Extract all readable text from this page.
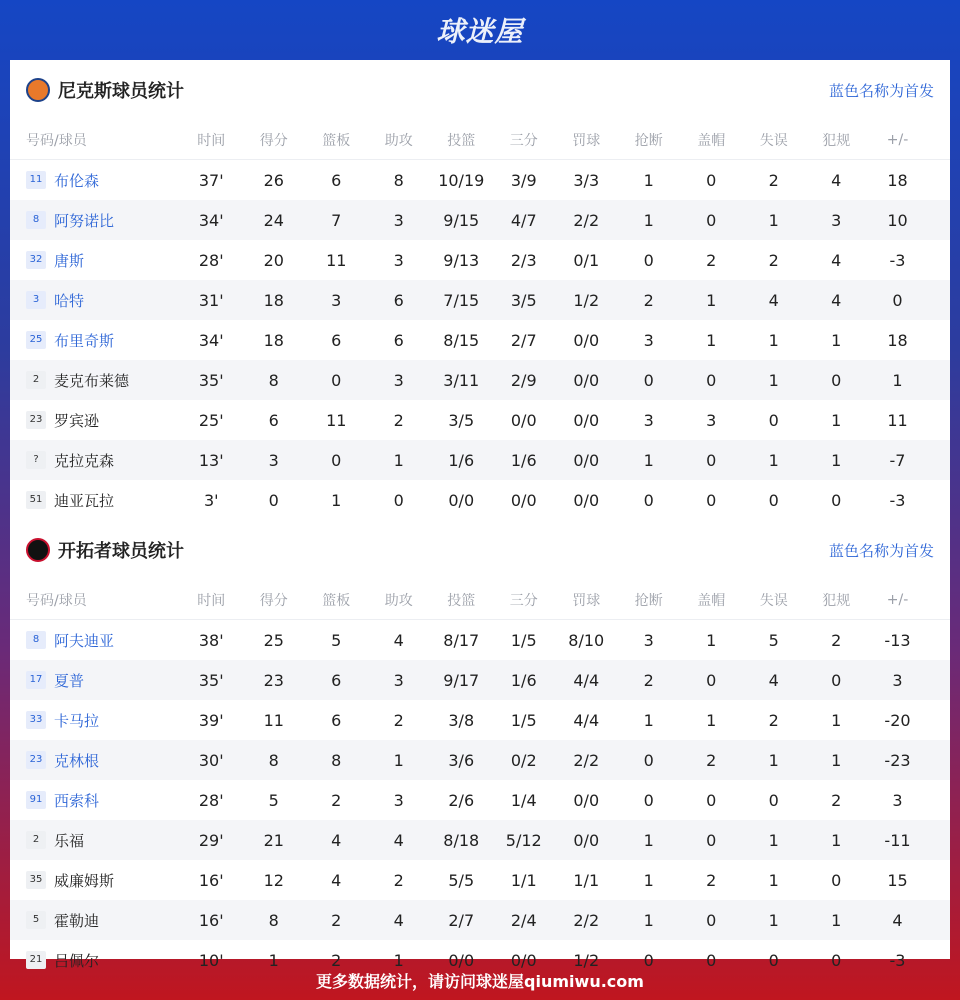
球迷屋
尼克斯球员统计	蓝色名称为首发
号码/球员	时间	得分	篮板	助攻	投篮	三分	罚球	抢断	盖帽	失误	犯规	+/-
11 布伦森	37'	26	6	8	10/19	3/9	3/3	1	0	2	4	18
8 阿努诺比	34'	24	7	3	9/15	4/7	2/2	1	0	1	3	10
32 唐斯	28'	20	11	3	9/13	2/3	0/1	0	2	2	4	-3
3 哈特	31'	18	3	6	7/15	3/5	1/2	2	1	4	4	0
25 布里奇斯	34'	18	6	6	8/15	2/7	0/0	3	1	1	1	18
2 麦克布莱德	35'	8	0	3	3/11	2/9	0/0	0	0	1	0	1
23 罗宾逊	25'	6	11	2	3/5	0/0	0/0	3	3	0	1	11
?	克拉克森	13'	3	0	1	1/6	1/6	0/0	1	0	1	1	-7
51 迪亚瓦拉	3'	0	1	0	0/0	0/0	0/0	0	0	0	0	-3
开拓者球员统计	蓝色名称为首发
号码/球员	时间	得分	篮板	助攻	投篮	三分	罚球	抢断	盖帽	失误	犯规	+/-
8 阿夫迪亚	38'	25	5	4	8/17	1/5	8/10	3	1	5	2	-13
17 夏普	35'	23	6	3	9/17	1/6	4/4	2	0	4	0	3
33 卡马拉	39'	11	6	2	3/8	1/5	4/4	1	1	2	1	-20
23 克林根	30'	8	8	1	3/6	0/2	2/2	0	2	1	1	-23
91 西索科	28'	5	2	3	2/6	1/4	0/0	0	0	0	2	3
2 乐福	29'	21	4	4	8/18	5/12	0/0	1	0	1	1	-11
35 威廉姆斯	16'	12	4	2	5/5	1/1	1/1	1	2	1	0	15
5 霍勒迪	16'	8	2	4	2/7	2/4	2/2	1	0	1	1	4
21 吕佩尔	10'	1	2	1	0/0	0/0	1/2	0	0	0	0	-3
更多数据统计，请访问球迷屋qiumiwu.com
